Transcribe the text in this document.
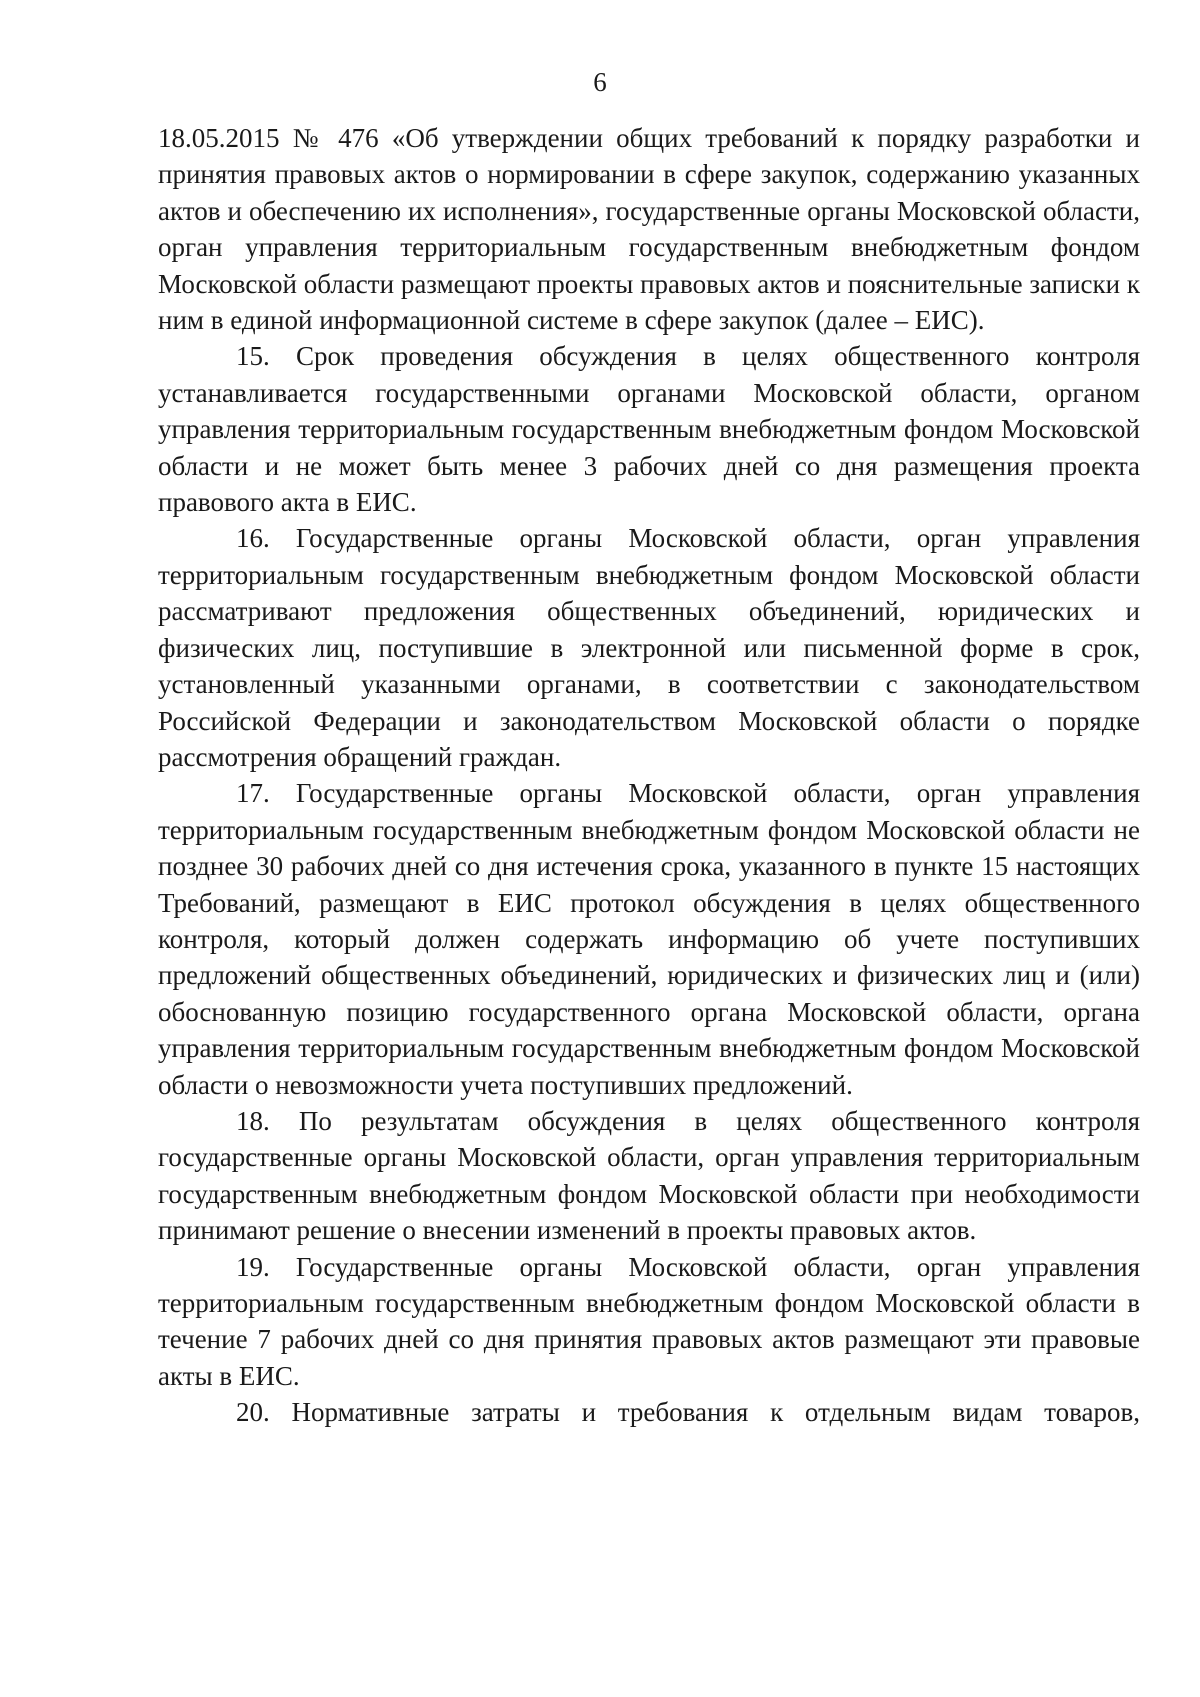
6

18.05.2015 № 476 «Об утверждении общих требований к порядку разработки и принятия правовых актов о нормировании в сфере закупок, содержанию указанных актов и обеспечению их исполнения», государственные органы Московской области, орган управления территориальным государственным внебюджетным фондом Московской области размещают проекты правовых актов и пояснительные записки к ним в единой информационной системе в сфере закупок (далее – ЕИС).

15. Срок проведения обсуждения в целях общественного контроля устанавливается государственными органами Московской области, органом управления территориальным государственным внебюджетным фондом Московской области и не может быть менее 3 рабочих дней со дня размещения проекта правового акта в ЕИС.

16. Государственные органы Московской области, орган управления территориальным государственным внебюджетным фондом Московской области рассматривают предложения общественных объединений, юридических и физических лиц, поступившие в электронной или письменной форме в срок, установленный указанными органами, в соответствии с законодательством Российской Федерации и законодательством Московской области о порядке рассмотрения обращений граждан.

17. Государственные органы Московской области, орган управления территориальным государственным внебюджетным фондом Московской области не позднее 30 рабочих дней со дня истечения срока, указанного в пункте 15 настоящих Требований, размещают в ЕИС протокол обсуждения в целях общественного контроля, который должен содержать информацию об учете поступивших предложений общественных объединений, юридических и физических лиц и (или) обоснованную позицию государственного органа Московской области, органа управления территориальным государственным внебюджетным фондом Московской области о невозможности учета поступивших предложений.

18. По результатам обсуждения в целях общественного контроля государственные органы Московской области, орган управления территориальным государственным внебюджетным фондом Московской области при необходимости принимают решение о внесении изменений в проекты правовых актов.

19. Государственные органы Московской области, орган управления территориальным государственным внебюджетным фондом Московской области в течение 7 рабочих дней со дня принятия правовых актов размещают эти правовые акты в ЕИС.

20. Нормативные затраты и требования к отдельным видам товаров,
